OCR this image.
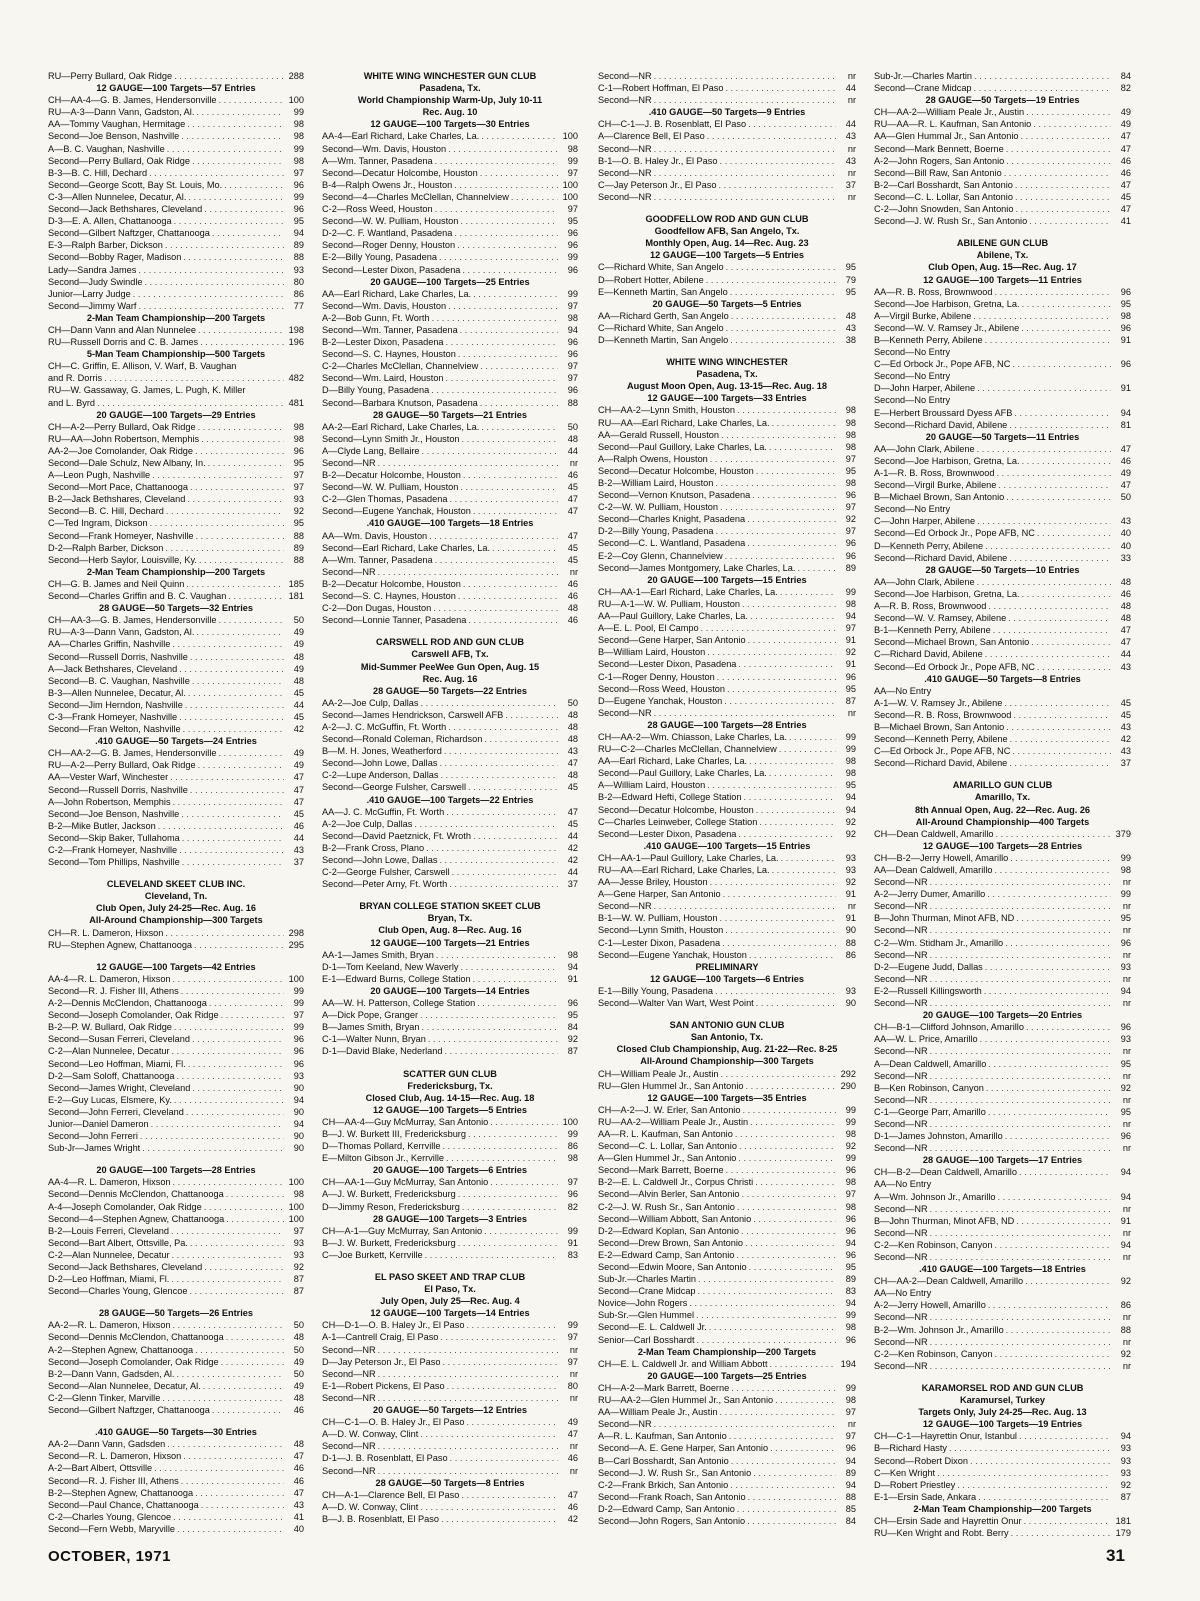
RU—Perry Bullard, Oak Ridge . . .	288
12 GAUGE—100 Targets—57 Entries
CH—AA-4—G. B. James, Hendersonville . . .	100
RU—A-3—Dann Vann, Gadston, Al. . . .	99
AA—Tommy Vaughan, Hermitage . . .	98
Second—Joe Benson, Nashville . . .	98
A—B. C. Vaughan, Nashville . . .	99
Second—Perry Bullard, Oak Ridge . . .	98
B-3—B. C. Hill, Dechard . . .	97
Second—George Scott, Bay St. Louis, Mo. . . .	96
C-3—Allen Nunnelee, Decatur, Al. . . .	99
Second—Jack Bethshares, Cleveland . . .	96
D-3—E. A. Allen, Chattanooga . . .	95
Second—Gilbert Naftzger, Chattanooga . . .	94
E-3—Ralph Barber, Dickson . . .	89
Second—Bobby Rager, Madison . . .	88
Lady—Sandra James . . .	93
Second—Judy Swindle . . .	80
Junior—Larry Judge . . .	86
Second—Jimmy Warf . . .	77
2-Man Team Championship—200 Targets
CH—Dann Vann and Alan Nunnelee . . .	198
RU—Russell Dorris and C. B. James . . .	196
5-Man Team Championship—500 Targets
CH—C. Griffin, E. Allison, V. Warf, B. Vaughan
and R. Dorris . . .	482
RU—W. Gassaway, G. James, L. Pugh, K. Miller
and L. Byrd . . .	481
20 GAUGE—100 Targets—29 Entries
CH—A-2—Perry Bullard, Oak Ridge . . .	98
RU—AA—John Robertson, Memphis . . .	98
AA-2—Joe Comolander, Oak Ridge . . .	96
Second—Dale Schulz, New Albany, In. . . .	95
A—Leon Pugh, Nashville . . .	97
Second—Mort Pace, Chattanooga . . .	97
B-2—Jack Bethshares, Cleveland . . .	93
Second—B. C. Hill, Dechard . . .	92
C—Ted Ingram, Dickson . . .	95
Second—Frank Homeyer, Nashville . . .	88
D-2—Ralph Barber, Dickson . . .	89
Second—Herb Saylor, Louisville, Ky. . . .	88
2-Man Team Championship—200 Targets
CH—G. B. James and Neil Quinn . . .	185
Second—Charles Griffin and B. C. Vaughan . . .	181
28 GAUGE—50 Targets—32 Entries
CH—AA-3—G. B. James, Hendersonville . . .	50
RU—A-3—Dann Vann, Gadston, Al. . . .	49
AA—Charles Griffin, Nashville . . .	49
Second—Russell Dorris, Nashville . . .	48
A—Jack Bethshares, Cleveland . . .	49
Second—B. C. Vaughan, Nashville . . .	48
B-3—Allen Nunnelee, Decatur, Al. . . .	45
Second—Jim Herndon, Nashville . . .	44
C-3—Frank Homeyer, Nashville . . .	45
Second—Fran Welton, Nashville . . .	42
.410 GAUGE—50 Targets—24 Entries
CH—AA-2—G. B. James, Hendersonville . . .	49
RU—A-2—Perry Bullard, Oak Ridge . . .	49
AA—Vester Warf, Winchester . . .	47
Second—Russell Dorris, Nashville . . .	47
A—John Robertson, Memphis . . .	47
Second—Joe Benson, Nashville . . .	45
B-2—Mike Butler, Jackson . . .	46
Second—Skip Baker, Tullahoma . . .	44
C-2—Frank Homeyer, Nashville . . .	43
Second—Tom Phillips, Nashville . . .	37
CLEVELAND SKEET CLUB INC.
Cleveland, Tn.
Club Open, July 24-25—Rec. Aug. 16
All-Around Championship—300 Targets
CH—R. L. Dameron, Hixson . . .	298
RU—Stephen Agnew, Chattanooga . . .	295
12 GAUGE—100 Targets—42 Entries
AA-4—R. L. Dameron, Hixson . . .	100
Second—R. J. Fisher III, Athens . . .	99
A-2—Dennis McClendon, Chattanooga . . .	99
Second—Joseph Comolander, Oak Ridge . . .	97
B-2—P. W. Bullard, Oak Ridge . . .	99
Second—Susan Ferreri, Cleveland . . .	96
C-2—Alan Nunnelee, Decatur . . .	96
Second—Leo Hoffman, Miami, Fl. . . .	96
D-2—Sam Soloff, Chattanooga . . .	93
Second—James Wright, Cleveland . . .	90
E-2—Guy Lucas, Elsmere, Ky. . . .	94
Second—John Ferreri, Cleveland . . .	90
Junior—Daniel Dameron . . .	94
Second—John Ferreri . . .	90
Sub-Jr—James Wright . . .	90
20 GAUGE—100 Targets—28 Entries
AA-4—R. L. Dameron, Hixson . . .	100
Second—Dennis McClendon, Chattanooga . . .	98
A-4—Joseph Comolander, Oak Ridge . . .	100
Second—4—Stephen Agnew, Chattanooga . . .	100
B-2—Louis Ferreri, Cleveland . . .	97
Second—Bart Albert, Ottsville, Pa. . . .	93
C-2—Alan Nunnelee, Decatur . . .	93
Second—Jack Bethshares, Cleveland . . .	92
D-2—Leo Hoffman, Miami, Fl. . . .	87
Second—Charles Young, Glencoe . . .	87
28 GAUGE—50 Targets—26 Entries
AA-2—R. L. Dameron, Hixson . . .	50
Second—Dennis McClendon, Chattanooga . . .	48
A-2—Stephen Agnew, Chattanooga . . .	50
Second—Joseph Comolander, Oak Ridge . . .	49
B-2—Dann Vann, Gadsden, Al. . . .	50
Second—Alan Nunnelee, Decatur, Al. . . .	49
C-2—Glenn Tinker, Marville . . .	48
Second—Gilbert Naftzger, Chattanooga . . .	46
.410 GAUGE—50 Targets—30 Entries
AA-2—Dann Vann, Gadsden . . .	48
Second—R. L. Dameron, Hixson . . .	47
A-2—Bart Albert, Ottsville . . .	46
Second—R. J. Fisher III, Athens . . .	46
B-2—Stephen Agnew, Chattanooga . . .	47
Second—Paul Chance, Chattanooga . . .	43
C-2—Charles Young, Glencoe . . .	41
Second—Fern Webb, Maryville . . .	40
WHITE WING WINCHESTER GUN CLUB
Pasadena, Tx.
World Championship Warm-Up, July 10-11
Rec. Aug. 10
12 GAUGE—100 Targets—30 Entries
AA-4—Earl Richard, Lake Charles, La. . . .	100
Second—Wm. Davis, Houston . . .	98
A—Wm. Tanner, Pasadena . . .	99
Second—Decatur Holcombe, Houston . . .	97
B-4—Ralph Owens Jr., Houston . . .	100
Second—4—Charles McClellan, Channelview . . .	100
C-2—Ross Weed, Houston . . .	97
Second—W. W. Pulliam, Houston . . .	95
D-2—C. F. Wantland, Pasadena . . .	96
Second—Roger Denny, Houston . . .	96
E-2—Billy Young, Pasadena . . .	99
Second—Lester Dixon, Pasadena . . .	96
20 GAUGE—100 Targets—25 Entries
AA—Earl Richard, Lake Charles, La. . . .	99
Second—Wm. Davis, Houston . . .	97
A-2—Bob Gunn, Ft. Worth . . .	98
Second—Wm. Tanner, Pasadena . . .	94
B-2—Lester Dixon, Pasadena . . .	96
Second—S. C. Haynes, Houston . . .	96
C-2—Charles McClellan, Channelview . . .	97
Second—Wm. Laird, Houston . . .	97
D—Billy Young, Pasadena . . .	96
Second—Barbara Knutson, Pasadena . . .	88
28 GAUGE—50 Targets—21 Entries
AA-2—Earl Richard, Lake Charles, La. . . .	50
Second—Lynn Smith Jr., Houston . . .	48
A—Clyde Lang, Bellaire . . .	44
Second—NR . . .	nr
B-2—Decatur Holcombe, Houston . . .	46
Second—W. W. Pulliam, Houston . . .	45
C-2—Glen Thomas, Pasadena . . .	47
Second—Eugene Yanchak, Houston . . .	47
.410 GAUGE—100 Targets—18 Entries
AA—Wm. Davis, Houston . . .	47
Second—Earl Richard, Lake Charles, La. . . .	45
A—Wm. Tanner, Pasadena . . .	45
Second—NR . . .	nr
B-2—Decatur Holcombe, Houston . . .	46
Second—S. C. Haynes, Houston . . .	46
C-2—Don Dugas, Houston . . .	48
Second—Lonnie Tanner, Pasadena . . .	46
CARSWELL ROD AND GUN CLUB
Carswell AFB, Tx.
Mid-Summer PeeWee Gun Open, Aug. 15
Rec. Aug. 16
28 GAUGE—50 Targets—22 Entries
AA-2—Joe Culp, Dallas . . .	50
Second—James Hendrickson, Carswell AFB . . .	48
A-2—J. C. McGuffin, Ft. Worth . . .	48
Second—Ronald Coleman, Richardson . . .	48
B—M. H. Jones, Weatherford . . .	43
Second—John Lowe, Dallas . . .	47
C-2—Lupe Anderson, Dallas . . .	48
Second—George Fulsher, Carswell . . .	45
.410 GAUGE—100 Targets—22 Entries
AA—J. C. McGuffin, Ft. Worth . . .	47
A-2—Joe Culp, Dallas . . .	45
Second—David Paetznick, Ft. Wroth . . .	44
B-2—Frank Cross, Plano . . .	42
Second—John Lowe, Dallas . . .	42
C-2—George Fulsher, Carswell . . .	44
Second—Peter Arny, Ft. Worth . . .	37
BRYAN COLLEGE STATION SKEET CLUB
Bryan, Tx.
Club Open, Aug. 8—Rec. Aug. 16
12 GAUGE—100 Targets—21 Entries
AA-1—James Smith, Bryan . . .	98
D-1—Tom Keeland, New Waverly . . .	94
E-1—Edward Burns, College Station . . .	91
20 GAUGE—100 Targets—14 Entries
AA—W. H. Patterson, College Station . . .	96
A—Dick Pope, Granger . . .	95
B—James Smith, Bryan . . .	84
C-1—Walter Nunn, Bryan . . .	92
D-1—David Blake, Nederland . . .	87
SCATTER GUN CLUB
Fredericksburg, Tx.
Closed Club, Aug. 14-15—Rec. Aug. 18
12 GAUGE—100 Targets—5 Entries
CH—AA-4—Guy McMurray, San Antonio . . .	100
B—J. W. Burkett III, Fredericksburg . . .	99
D—Thomas Pollard, Kerrville . . .	86
E—Milton Gibson Jr., Kerrville . . .	98
20 GAUGE—100 Targets—6 Entries
CH—AA-1—Guy McMurray, San Antonio . . .	97
A—J. W. Burkett, Fredericksburg . . .	96
D—Jimmy Reson, Fredericksburg . . .	82
28 GAUGE—100 Targets—3 Entries
CH—A-1—Guy McMurray, San Antonio . . .	99
B—J. W. Burkett, Fredericksburg . . .	91
C—Joe Burkett, Kerrville . . .	83
EL PASO SKEET AND TRAP CLUB
El Paso, Tx.
July Open, July 25—Rec. Aug. 4
12 GAUGE—100 Targets—14 Entries
CH—D-1—O. B. Haley Jr., El Paso . . .	99
A-1—Cantrell Craig, El Paso . . .	97
Second—NR . . .	nr
D—Jay Peterson Jr., El Paso . . .	97
Second—NR . . .	nr
E-1—Robert Pickens, El Paso . . .	80
Second—NR . . .	nr
20 GAUGE—50 Targets—12 Entries
CH—C-1—O. B. Haley Jr., El Paso . . .	49
A—D. W. Conway, Clint . . .	47
Second—NR . . .	nr
D-1—J. B. Rosenblatt, El Paso . . .	46
Second—NR . . .	nr
28 GAUGE—50 Targets—8 Entries
CH—A-1—Clarence Bell, El Paso . . .	47
A—D. W. Conway, Clint . . .	46
B—J. B. Rosenblatt, El Paso . . .	42
Second—NR . . .	nr
C-1—Robert Hoffman, El Paso . . .	44
Second—NR . . .	nr
.410 GAUGE—50 Targets—9 Entries
CH—C-1—J. B. Rosenblatt, El Paso . . .	44
A—Clarence Bell, El Paso . . .	43
Second—NR . . .	nr
B-1—O. B. Haley Jr., El Paso . . .	43
Second—NR . . .	nr
C—Jay Peterson Jr., El Paso . . .	37
Second—NR . . .	nr
GOODFELLOW ROD AND GUN CLUB
Goodfellow AFB, San Angelo, Tx.
Monthly Open, Aug. 14—Rec. Aug. 23
12 GAUGE—100 Targets—5 Entries
C—Richard White, San Angelo . . .	95
D—Robert Hotter, Abilene . . .	79
E—Kenneth Martin, San Angelo . . .	95
20 GAUGE—50 Targets—5 Entries
AA—Richard Gerth, San Angelo . . .	48
C—Richard White, San Angelo . . .	43
D—Kenneth Martin, San Angelo . . .	38
WHITE WING WINCHESTER
Pasadena, Tx.
August Moon Open, Aug. 13-15—Rec. Aug. 18
12 GAUGE—100 Targets—33 Entries
CH—AA-2—Lynn Smith, Houston . . .	98
RU—AA—Earl Richard, Lake Charles, La. . . .	98
AA—Gerald Russell, Houston . . .	98
Second—Paul Guillory, Lake Charles, La. . . .	98
A—Ralph Owens, Houston . . .	97
Second—Decatur Holcombe, Houston . . .	95
B-2—William Laird, Houston . . .	98
Second—Vernon Knutson, Pasadena . . .	96
C-2—W. W. Pulliam, Houston . . .	97
Second—Charles Knight, Pasadena . . .	92
D-2—Billy Young, Pasadena . . .	97
Second—C. L. Wantland, Pasadena . . .	96
E-2—Coy Glenn, Channelview . . .	96
Second—James Montgomery, Lake Charles, La. . . .	89
20 GAUGE—100 Targets—15 Entries
CH—AA-1—Earl Richard, Lake Charles, La. . . .	99
RU—A-1—W. W. Pulliam, Houston . . .	98
AA—Paul Guillory, Lake Charles, La. . . .	94
A—E. L. Pool, El Campo . . .	97
Second—Gene Harper, San Antonio . . .	91
B—William Laird, Houston . . .	92
Second—Lester Dixon, Pasadena . . .	91
C-1—Roger Denny, Houston . . .	96
Second—Ross Weed, Houston . . .	95
D—Eugene Yanchak, Houston . . .	87
Second—NR . . .	nr
28 GAUGE—100 Targets—28 Entries
CH—AA-2—Wm. Chiasson, Lake Charles, La. . . .	99
RU—C-2—Charles McClellan, Channelview . . .	99
AA—Earl Richard, Lake Charles, La. . . .	98
Second—Paul Guillory, Lake Charles, La. . . .	98
A—William Laird, Houston . . .	95
B-2—Edward Hefti, College Station . . .	94
Second—Decatur Holcombe, Houston . . .	94
C—Charles Leinweber, College Station . . .	92
Second—Lester Dixon, Pasadena . . .	92
.410 GAUGE—100 Targets—15 Entries
CH—AA-1—Paul Guillory, Lake Charles, La. . . .	93
RU—AA—Earl Richard, Lake Charles, La. . . .	93
AA—Jesse Briley, Houston . . .	92
A—Gene Harper, San Antonio . . .	91
Second—NR . . .	nr
B-1—W. W. Pulliam, Houston . . .	91
Second—Lynn Smith, Houston . . .	90
C-1—Lester Dixon, Pasadena . . .	88
Second—Eugene Yanchak, Houston . . .	86
PRELIMINARY
12 GAUGE—100 Targets—6 Entries
E-1—Billy Young, Pasadena . . .	93
Second—Walter Van Wart, West Point . . .	90
SAN ANTONIO GUN CLUB
San Antonio, Tx.
Closed Club Championship, Aug. 21-22—Rec. 8-25
All-Around Championship—300 Targets
CH—William Peale Jr., Austin . . .	292
RU—Glen Hummel Jr., San Antonio . . .	290
12 GAUGE—100 Targets—35 Entries
CH—A-2—J. W. Erler, San Antonio . . .	99
RU—AA-2—William Peale Jr., Austin . . .	99
AA—R. L. Kaufman, San Antonio . . .	98
Second—C. L. Lollar, San Antonio . . .	92
A—Glen Hummel Jr., San Antonio . . .	99
Second—Mark Barrett, Boerne . . .	96
B-2—E. L. Caldwell Jr., Corpus Christi . . .	98
Second—Alvin Berler, San Antonio . . .	97
C-2—J. W. Rush Sr., San Antonio . . .	98
Second—William Abbott, San Antonio . . .	96
D-2—Edward Koplan, San Antonio . . .	96
Second—Drew Brown, San Antonio . . .	94
E-2—Edward Camp, San Antonio . . .	96
Second—Edwin Moore, San Antonio . . .	95
Sub-Jr.—Charles Martin . . .	89
Second—Crane Midcap . . .	83
Novice—John Rogers . . .	94
Sub-Sr.—Glen Hummel . . .	99
Second—E. L. Caldwell Jr. . . .	98
Senior—Carl Bosshardt . . .	96
2-Man Team Championship—200 Targets
CH—E. L. Caldwell Jr. and William Abbott . . .	194
20 GAUGE—100 Targets—25 Entries
CH—A-2—Mark Barrett, Boerne . . .	99
RU—AA-2—Glen Hummel Jr., San Antonio . . .	98
AA—William Peale Jr., Austin . . .	97
Second—NR . . .	nr
A—R. L. Kaufman, San Antonio . . .	97
Second—A. E. Gene Harper, San Antonio . . .	96
B—Carl Bosshardt, San Antonio . . .	94
Second—J. W. Rush Sr., San Antonio . . .	89
C-2—Frank Brkich, San Antonio . . .	94
Second—Frank Roach, San Antonio . . .	88
D-2—Edward Camp, San Antonio . . .	85
Second—John Rogers, San Antonio . . .	84
Sub-Jr.—Charles Martin . . .	84
Second—Crane Midcap . . .	82
28 GAUGE—50 Targets—19 Entries
CH—AA-2—William Peale Jr., Austin . . .	49
RU—AA—R. L. Kaufman, San Antonio . . .	49
AA—Glen Hummal Jr., San Antonio . . .	47
Second—Mark Bennett, Boerne . . .	47
A-2—John Rogers, San Antonio . . .	46
Second—Bill Raw, San Antonio . . .	46
B-2—Carl Bosshardt, San Antonio . . .	47
Second—C. L. Lollar, San Antonio . . .	45
C-2—John Snowden, San Antonio . . .	47
Second—J. W. Rush Sr., San Antonio . . .	41
ABILENE GUN CLUB
Abilene, Tx.
Club Open, Aug. 15—Rec. Aug. 17
12 GAUGE—100 Targets—11 Entries
AA—R. B. Ross, Brownwood . . .	96
Second—Joe Harbison, Gretna, La. . . .	95
A—Virgil Burke, Abilene . . .	98
Second—W. V. Ramsey Jr., Abilene . . .	96
B—Kenneth Perry, Abilene . . .	91
Second—No Entry
C—Ed Orbock Jr., Pope AFB, NC . . .	96
Second—No Entry
D—John Harper, Abilene . . .	91
Second—No Entry
E—Herbert Broussard Dyess AFB . . .	94
Second—Richard David, Abilene . . .	81
20 GAUGE—50 Targets—11 Entries
AA—John Clark, Abilene . . .	47
Second—Joe Harbison, Gretna, La. . . .	46
A-1—R. B. Ross, Brownwood . . .	49
Second—Virgil Burke, Abilene . . .	47
B—Michael Brown, San Antonio . . .	50
Second—No Entry
C—John Harper, Abilene . . .	43
Second—Ed Orbock Jr., Pope AFB, NC . . .	40
D—Kenneth Perry, Abilene . . .	40
Second—Richard David, Abilene . . .	33
28 GAUGE—50 Targets—10 Entries
AA—John Clark, Abilene . . .	48
Second—Joe Harbison, Gretna, La. . . .	46
A—R. B. Ross, Brownwood . . .	48
Second—W. V. Ramsey, Abilene . . .	48
B-1—Kenneth Perry, Abilene . . .	47
Second—Michael Brown, San Antonio . . .	47
C—Richard David, Abilene . . .	44
Second—Ed Orbock Jr., Pope AFB, NC . . .	43
.410 GAUGE—50 Targets—8 Entries
AA—No Entry
A-1—W. V. Ramsey Jr., Abilene . . .	45
Second—R. B. Ross, Brownwood . . .	45
B—Michael Brown, San Antonio . . .	43
Second—Kenneth Perry, Abilene . . .	42
C—Ed Orbock Jr., Pope AFB, NC . . .	43
Second—Richard David, Abilene . . .	37
AMARILLO GUN CLUB
Amarillo, Tx.
8th Annual Open, Aug. 22—Rec. Aug. 26
All-Around Championship—400 Targets
CH—Dean Caldwell, Amarillo . . .	379
12 GAUGE—100 Targets—28 Entries
CH—B-2—Jerry Howell, Amarillo . . .	99
AA—Dean Caldwell, Amarillo . . .	98
Second—NR . . .	nr
A-2—Jerry Dumer, Amarillo . . .	99
Second—NR . . .	nr
B—John Thurman, Minot AFB, ND . . .	95
Second—NR . . .	nr
C-2—Wm. Stidham Jr., Amarillo . . .	96
Second—NR . . .	nr
D-2—Eugene Judd, Dallas . . .	93
Second—NR . . .	nr
E-2—Russell Killingsworth . . .	94
Second—NR . . .	nr
20 GAUGE—100 Targets—20 Entries
CH—B-1—Clifford Johnson, Amarillo . . .	96
AA—W. L. Price, Amarillo . . .	93
Second—NR . . .	nr
A—Dean Caldwell, Amarillo . . .	95
Second—NR . . .	nr
B—Ken Robinson, Canyon . . .	92
Second—NR . . .	nr
C-1—George Parr, Amarillo . . .	95
Second—NR . . .	nr
D-1—James Johnston, Amarillo . . .	96
Second—NR . . .	nr
28 GAUGE—100 Targets—17 Entries
CH—B-2—Dean Caldwell, Amarillo . . .	94
AA—No Entry
A—Wm. Johnson Jr., Amarillo . . .	94
Second—NR . . .	nr
B—John Thurman, Minot AFB, ND . . .	91
Second—NR . . .	nr
C-2—Ken Robinson, Canyon . . .	94
Second—NR . . .	nr
.410 GAUGE—100 Targets—18 Entries
CH—AA-2—Dean Caldwell, Amarillo . . .	92
AA—No Entry
A-2—Jerry Howell, Amarillo . . .	86
Second—NR . . .	nr
B-2—Wm. Johnson Jr., Amarillo . . .	88
Second—NR . . .	nr
C-2—Ken Robinson, Canyon . . .	92
Second—NR . . .	nr
KARAMORSEL ROD AND GUN CLUB
Karamursel, Turkey
Targets Only, July 24-25—Rec. Aug. 13
12 GAUGE—100 Targets—19 Entries
CH—C-1—Hayrettin Onur, Istanbul . . .	94
B—Richard Hasty . . .	93
Second—Robert Dixon . . .	93
C—Ken Wright . . .	93
D—Robert Priestley . . .	92
E-1—Ersin Sade, Ankara . . .	87
2-Man Team Championship—200 Targets
CH—Ersin Sade and Hayrettin Onur . . .	181
RU—Ken Wright and Robt. Berry . . .	179
OCTOBER, 1971	31
